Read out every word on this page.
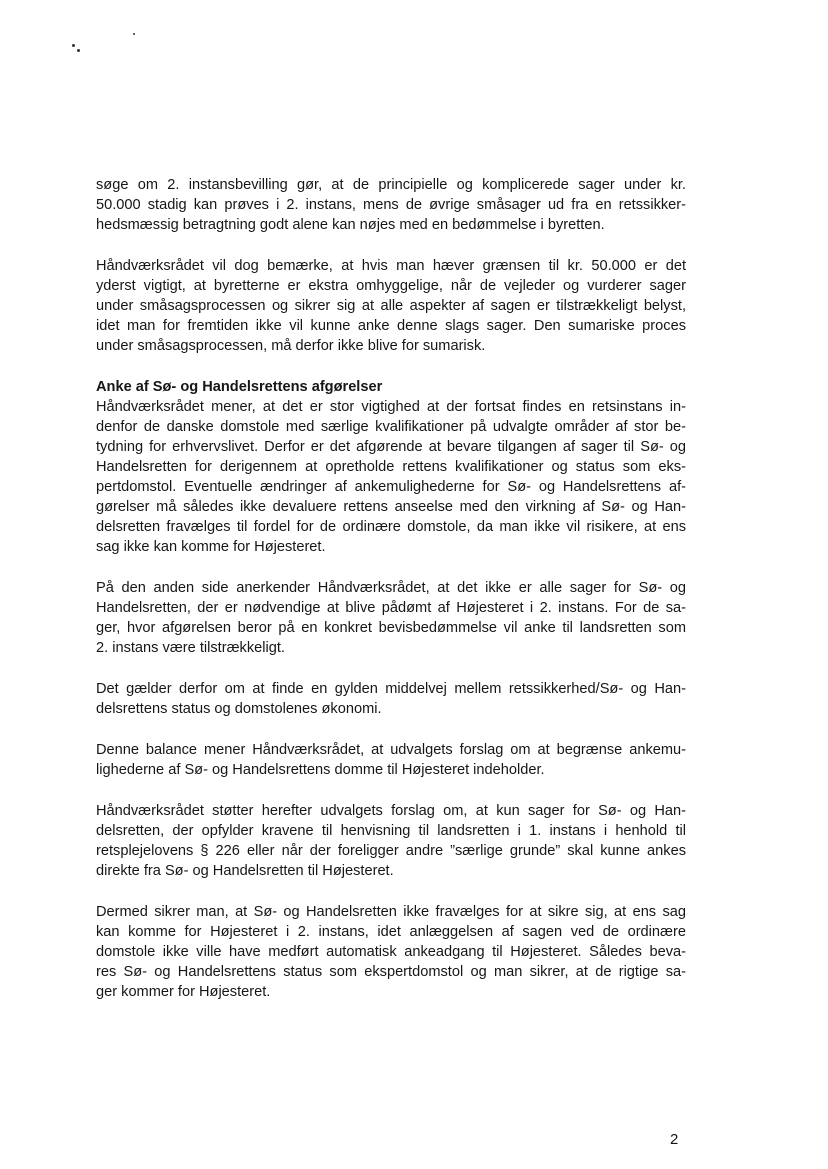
søge om 2. instansbevilling gør, at de principielle og komplicerede sager under kr.
50.000 stadig kan prøves i 2. instans, mens de øvrige småsager ud fra en retssikker-
hedsmæssig betragtning godt alene kan nøjes med en bedømmelse i byretten.
Håndværksrådet vil dog bemærke, at hvis man hæver grænsen til kr. 50.000 er det
yderst vigtigt, at byretterne er ekstra omhyggelige, når de vejleder og vurderer sager
under småsagsprocessen og sikrer sig at alle aspekter af sagen er tilstrækkeligt belyst,
idet man for fremtiden ikke vil kunne anke denne slags sager. Den sumariske proces
under småsagsprocessen, må derfor ikke blive for sumarisk.
Anke af Sø- og Handelsrettens afgørelser
Håndværksrådet mener, at det er stor vigtighed at der fortsat findes en retsinstans in-
denfor de danske domstole med særlige kvalifikationer på udvalgte områder af stor be-
tydning for erhvervslivet. Derfor er det afgørende at bevare tilgangen af sager til Sø- og
Handelsretten for derigennem at opretholde rettens kvalifikationer og status som eks-
pertdomstol. Eventuelle ændringer af ankemulighederne for Sø- og Handelsrettens af-
gørelser må således ikke devaluere rettens anseelse med den virkning af Sø- og Han-
delsretten fravælges til fordel for de ordinære domstole, da man ikke vil risikere, at ens
sag ikke kan komme for Højesteret.
På den anden side anerkender Håndværksrådet, at det ikke er alle sager for Sø- og
Handelsretten, der er nødvendige at blive pådømt af Højesteret i 2. instans. For de sa-
ger, hvor afgørelsen beror på en konkret bevisbedømmelse vil anke til landsretten som
2. instans være tilstrækkeligt.
Det gælder derfor om at finde en gylden middelvej mellem retssikkerhed/Sø- og Han-
delsrettens status og domstolenes økonomi.
Denne balance mener Håndværksrådet, at udvalgets forslag om at begrænse ankemu-
lighederne af Sø- og Handelsrettens domme til Højesteret indeholder.
Håndværksrådet støtter herefter udvalgets forslag om, at kun sager for Sø- og Han-
delsretten, der opfylder kravene til henvisning til landsretten i 1. instans i henhold til
retsplejelovens § 226 eller når der foreligger andre ”særlige grunde” skal kunne ankes
direkte fra Sø- og Handelsretten til Højesteret.
Dermed sikrer man, at Sø- og Handelsretten ikke fravælges for at sikre sig, at ens sag
kan komme for Højesteret i 2. instans, idet anlæggelsen af sagen ved de ordinære
domstole ikke ville have medført automatisk ankeadgang til Højesteret. Således beva-
res Sø- og Handelsrettens status som ekspertdomstol og man sikrer, at de rigtige sa-
ger kommer for Højesteret.
2
